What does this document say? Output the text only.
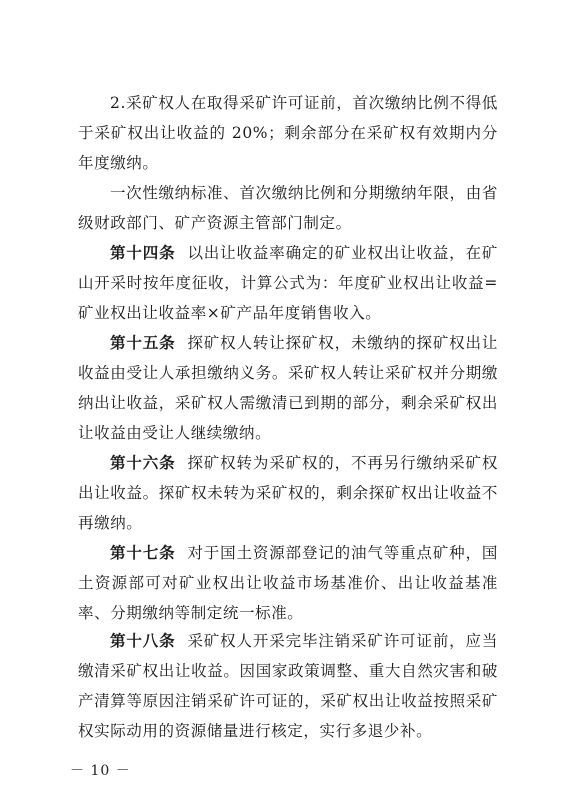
2.采矿权人在取得采矿许可证前，首次缴纳比例不得低于采矿权出让收益的 20%；剩余部分在采矿权有效期内分年度缴纳。

一次性缴纳标准、首次缴纳比例和分期缴纳年限，由省级财政部门、矿产资源主管部门制定。

第十四条 以出让收益率确定的矿业权出让收益，在矿山开采时按年度征收，计算公式为：年度矿业权出让收益=矿业权出让收益率×矿产品年度销售收入。

第十五条 探矿权人转让探矿权，未缴纳的探矿权出让收益由受让人承担缴纳义务。采矿权人转让采矿权并分期缴纳出让收益，采矿权人需缴清已到期的部分，剩余采矿权出让收益由受让人继续缴纳。

第十六条 探矿权转为采矿权的，不再另行缴纳采矿权出让收益。探矿权未转为采矿权的，剩余探矿权出让收益不再缴纳。

第十七条 对于国土资源部登记的油气等重点矿种，国土资源部可对矿业权出让收益市场基准价、出让收益基准率、分期缴纳等制定统一标准。

第十八条 采矿权人开采完毕注销采矿许可证前，应当缴清采矿权出让收益。因国家政策调整、重大自然灾害和破产清算等原因注销采矿许可证的，采矿权出让收益按照采矿权实际动用的资源储量进行核定，实行多退少补。

－ 10 －
